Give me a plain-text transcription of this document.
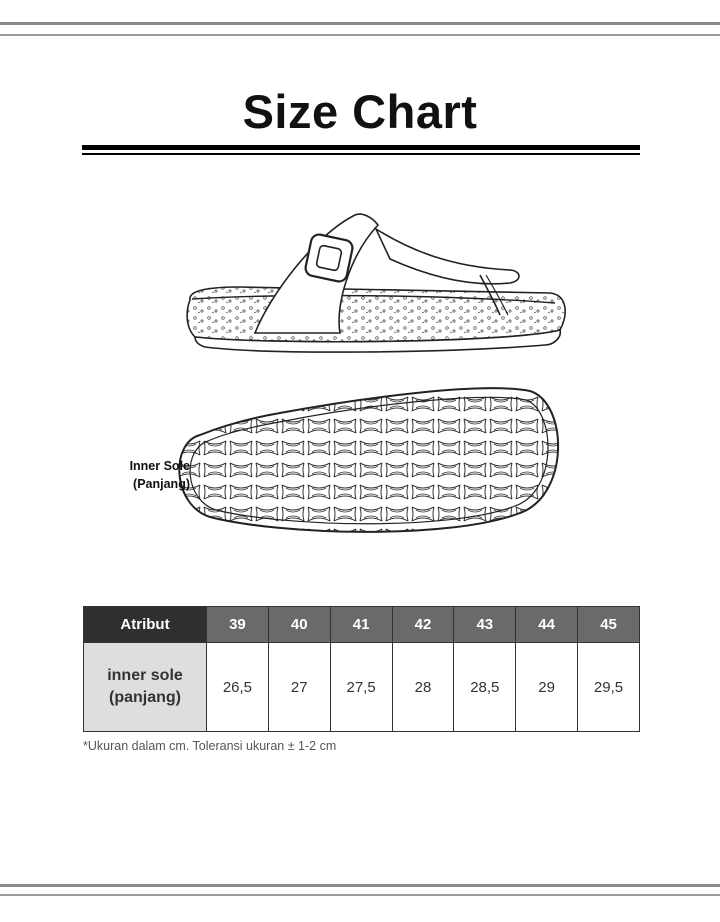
Size Chart
Inner Sole
(Panjang)
Atribut	39	40	41	42	43	44	45

inner sole
(panjang)	26,5	27	27,5	28	28,5	29	29,5
*Ukuran dalam cm. Toleransi ukuran ± 1-2 cm
